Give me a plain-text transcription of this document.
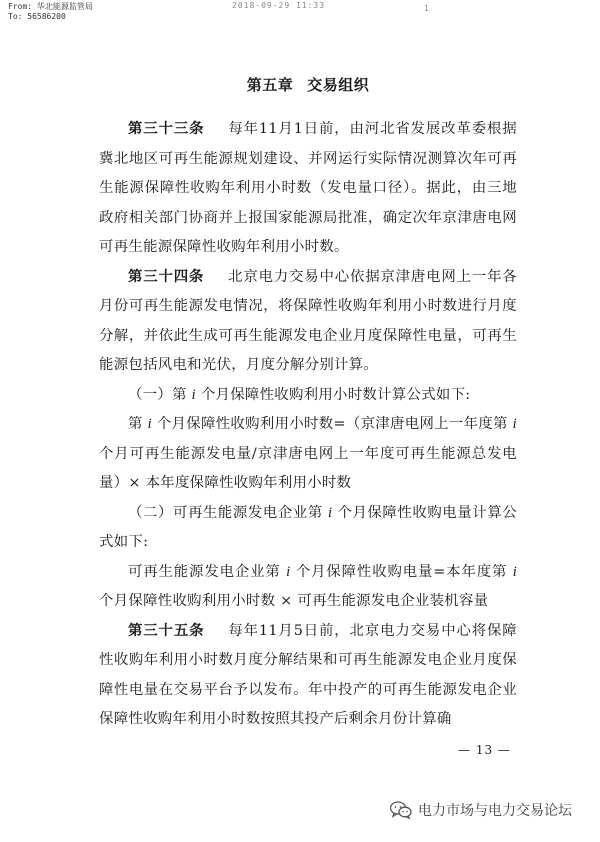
From: 华北能源监管局
To: 56586200
2018-09-29 11:33	1
第五章 交易组织

第三十三条 每年11月1日前，由河北省发展改革委根据冀北地区可再生能源规划建设、并网运行实际情况测算次年可再生能源保障性收购年利用小时数（发电量口径）。据此，由三地政府相关部门协商并上报国家能源局批准，确定次年京津唐电网可再生能源保障性收购年利用小时数。

第三十四条 北京电力交易中心依据京津唐电网上一年各月份可再生能源发电情况，将保障性收购年利用小时数进行月度分解，并依此生成可再生能源发电企业月度保障性电量，可再生能源包括风电和光伏，月度分解分别计算。

（一）第 i 个月保障性收购利用小时数计算公式如下:

第 i 个月保障性收购利用小时数=（京津唐电网上一年度第 i 个月可再生能源发电量/京津唐电网上一年度可再生能源总发电量）× 本年度保障性收购年利用小时数

（二）可再生能源发电企业第 i 个月保障性收购电量计算公式如下:

可再生能源发电企业第 i 个月保障性收购电量=本年度第 i 个月保障性收购利用小时数 × 可再生能源发电企业装机容量

第三十五条 每年11月5日前，北京电力交易中心将保障性收购年利用小时数月度分解结果和可再生能源发电企业月度保障性电量在交易平台予以发布。年中投产的可再生能源发电企业保障性收购年利用小时数按照其投产后剩余月份计算确

— 13 —
电力市场与电力交易论坛
